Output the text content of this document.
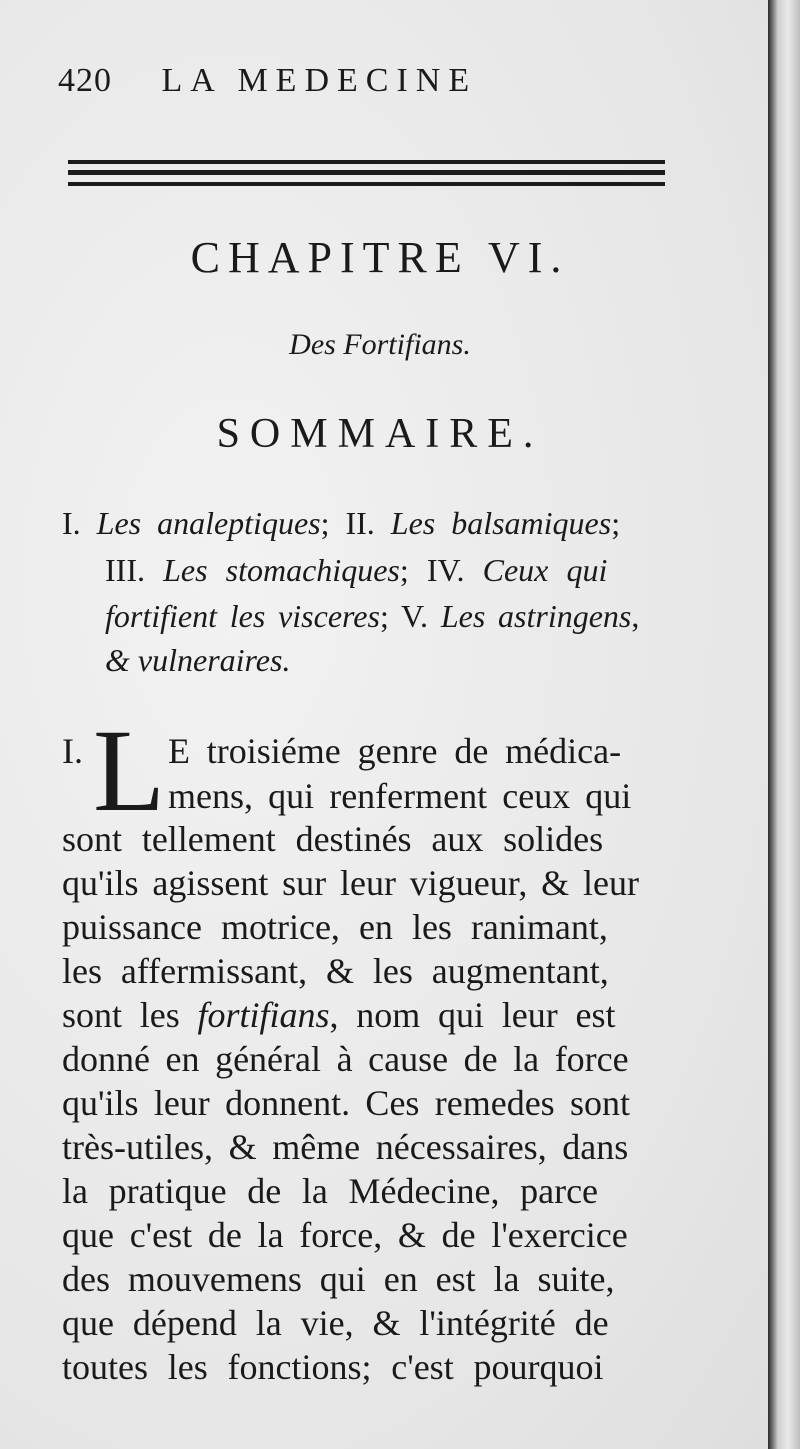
420 LA MEDECINE
CHAPITRE VI.
Des Fortifians.
SOMMAIRE.
I. Les analeptiques; II. Les balsamiques;
III. Les stomachiques; IV. Ceux qui
fortifient les visceres; V. Les astringens,
& vulneraires.
I. L E troisiéme genre de médica-
mens, qui renferment ceux qui
sont tellement destinés aux solides
qu'ils agissent sur leur vigueur, & leur
puissance motrice, en les ranimant,
les affermissant, & les augmentant,
sont les fortifians, nom qui leur est
donné en général à cause de la force
qu'ils leur donnent. Ces remedes sont
très-utiles, & même nécessaires, dans
la pratique de la Médecine, parce
que c'est de la force, & de l'exercice
des mouvemens qui en est la suite,
que dépend la vie, & l'intégrité de
toutes les fonctions; c'est pourquoi
